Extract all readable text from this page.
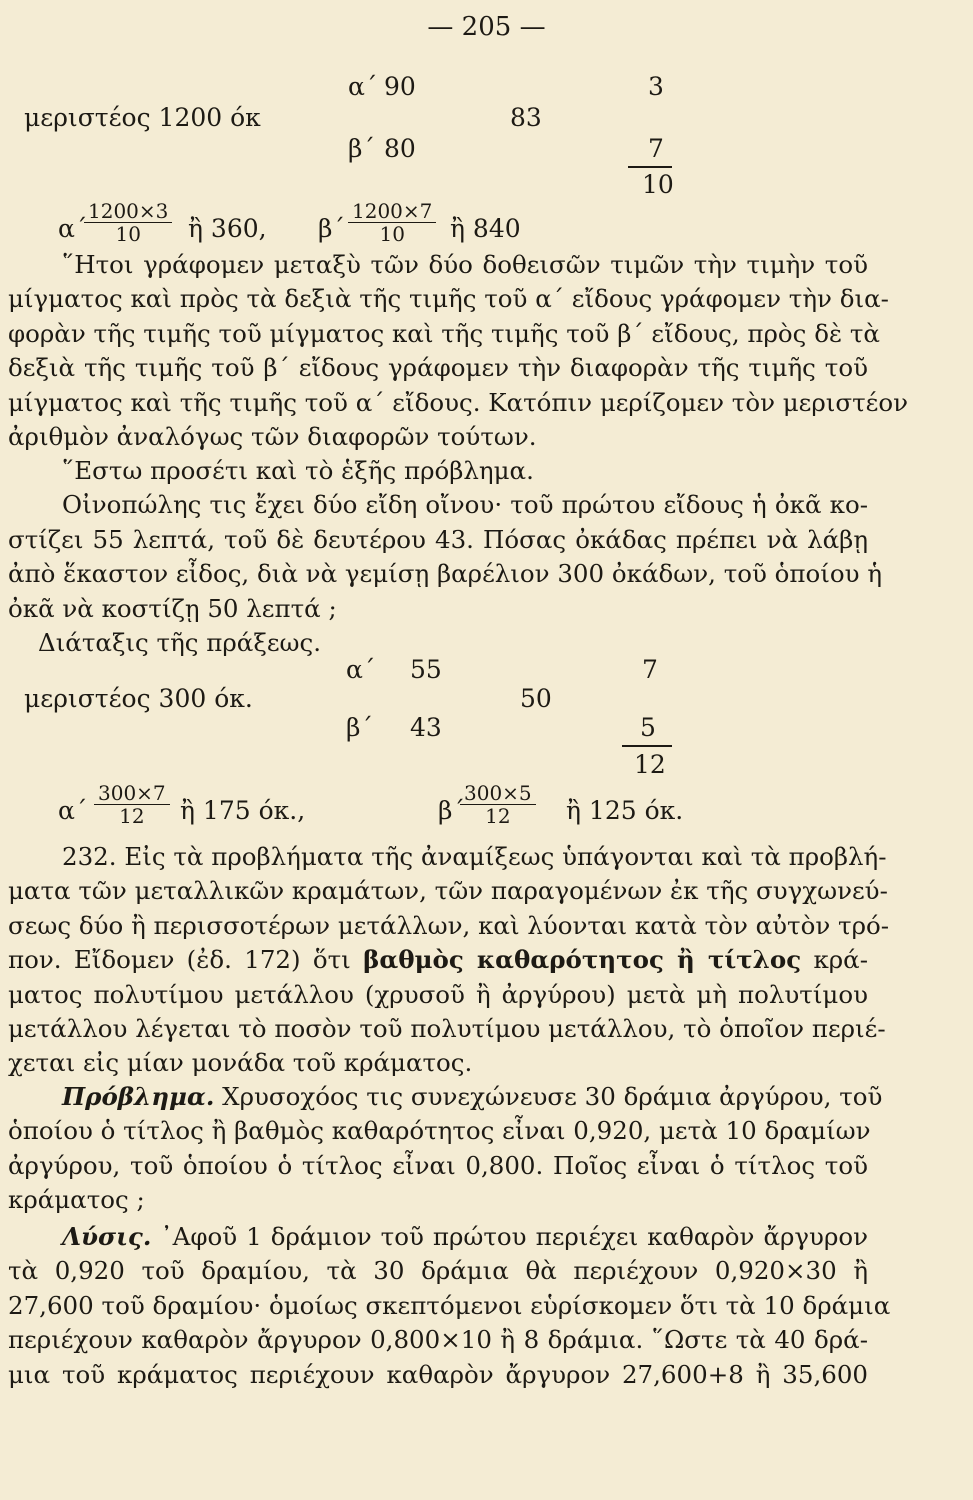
— 205 —
α΄ 90	3
μεριστέος 1200 όκ	83
β΄ 80	7
10
α΄
$\frac{1200\times 3}{10}$ ἢ 360, $\beta΄ \frac{1200\times 7}{10}$ ἢ 840
῞Ητοι γράφομεν μεταξὺ τῶν δύο δοθεισῶν τιμῶν τὴν τιμὴν τοῦ
μίγματος καὶ πρὸς τὰ δεξιὰ τῆς τιμῆς τοῦ α΄ εἴδους γράφομεν τὴν δια-
φορὰν τῆς τιμῆς τοῦ μίγματος καὶ τῆς τιμῆς τοῦ β΄ εἴδους, πρὸς δὲ τὰ
δεξιὰ τῆς τιμῆς τοῦ β΄ εἴδους γράφομεν τὴν διαφορὰν τῆς τιμῆς τοῦ
μίγματος καὶ τῆς τιμῆς τοῦ α΄ εἴδους. Κατόπιν μερίζομεν τὸν μεριστέον
ἀριθμὸν ἀναλόγως τῶν διαφορῶν τούτων.
῞Εστω προσέτι καὶ τὸ ἑξῆς πρόβλημα.
Οἰνοπώλης τις ἔχει δύο εἴδη οἴνου· τοῦ πρώτου εἴδους ἡ ὀκᾶ κο-
στίζει 55 λεπτά, τοῦ δὲ δευτέρου 43. Πόσας ὀκάδας πρέπει νὰ λάβῃ
ἀπὸ ἕκαστον εἶδος, διὰ νὰ γεμίσῃ βαρέλιον 300 ὀκάδων, τοῦ ὁποίου ἡ
ὀκᾶ νὰ κοστίζῃ 50 λεπτά ;
Διάταξις τῆς πράξεως.
α΄ 55	7
μεριστέος 300 όκ.	50
β΄ 43	5
12
$\alpha΄ \frac{300\times 7}{12}$ ἢ 175 όκ.,	β΄
$\frac{300\times 5}{12}$ ἢ 125 όκ.
232. Εἰς τὰ προβλήματα τῆς ἀναμίξεως ὑπάγονται καὶ τὰ προβλή-
ματα τῶν μεταλλικῶν κραμάτων, τῶν παραγομένων ἐκ τῆς συγχωνεύ-
σεως δύο ἢ περισσοτέρων μετάλλων, καὶ λύονται κατὰ τὸν αὐτὸν τρό-
πον. Εἴδομεν (ἐδ. 172) ὅτι βαθμὸς καθαρότητος ἢ τίτλος κρά-
ματος πολυτίμου μετάλλου (χρυσοῦ ἢ ἀργύρου) μετὰ μὴ πολυτίμου
μετάλλου λέγεται τὸ ποσὸν τοῦ πολυτίμου μετάλλου, τὸ ὁποῖον περιέ-
χεται εἰς μίαν μονάδα τοῦ κράματος.
Πρόβλημα. Χρυσοχόος τις συνεχώνευσε 30 δράμια ἀργύρου, τοῦ
ὁποίου ὁ τίτλος ἢ βαθμὸς καθαρότητος εἶναι 0,920, μετὰ 10 δραμίων
ἀργύρου, τοῦ ὁποίου ὁ τίτλος εἶναι 0,800. Ποῖος εἶναι ὁ τίτλος τοῦ
κράματος ;
Λύσις. ᾿Αφοῦ 1 δράμιον τοῦ πρώτου περιέχει καθαρὸν ἄργυρον
τὰ 0,920 τοῦ δραμίου, τὰ 30 δράμια θὰ περιέχουν 0,920×30 ἢ
27,600 τοῦ δραμίου· ὁμοίως σκεπτόμενοι εὑρίσκομεν ὅτι τὰ 10 δράμια
περιέχουν καθαρὸν ἄργυρον 0,800×10 ἢ 8 δράμια. ῞Ωστε τὰ 40 δρά-
μια τοῦ κράματος περιέχουν καθαρὸν ἄργυρον 27,600+8 ἢ 35,600
